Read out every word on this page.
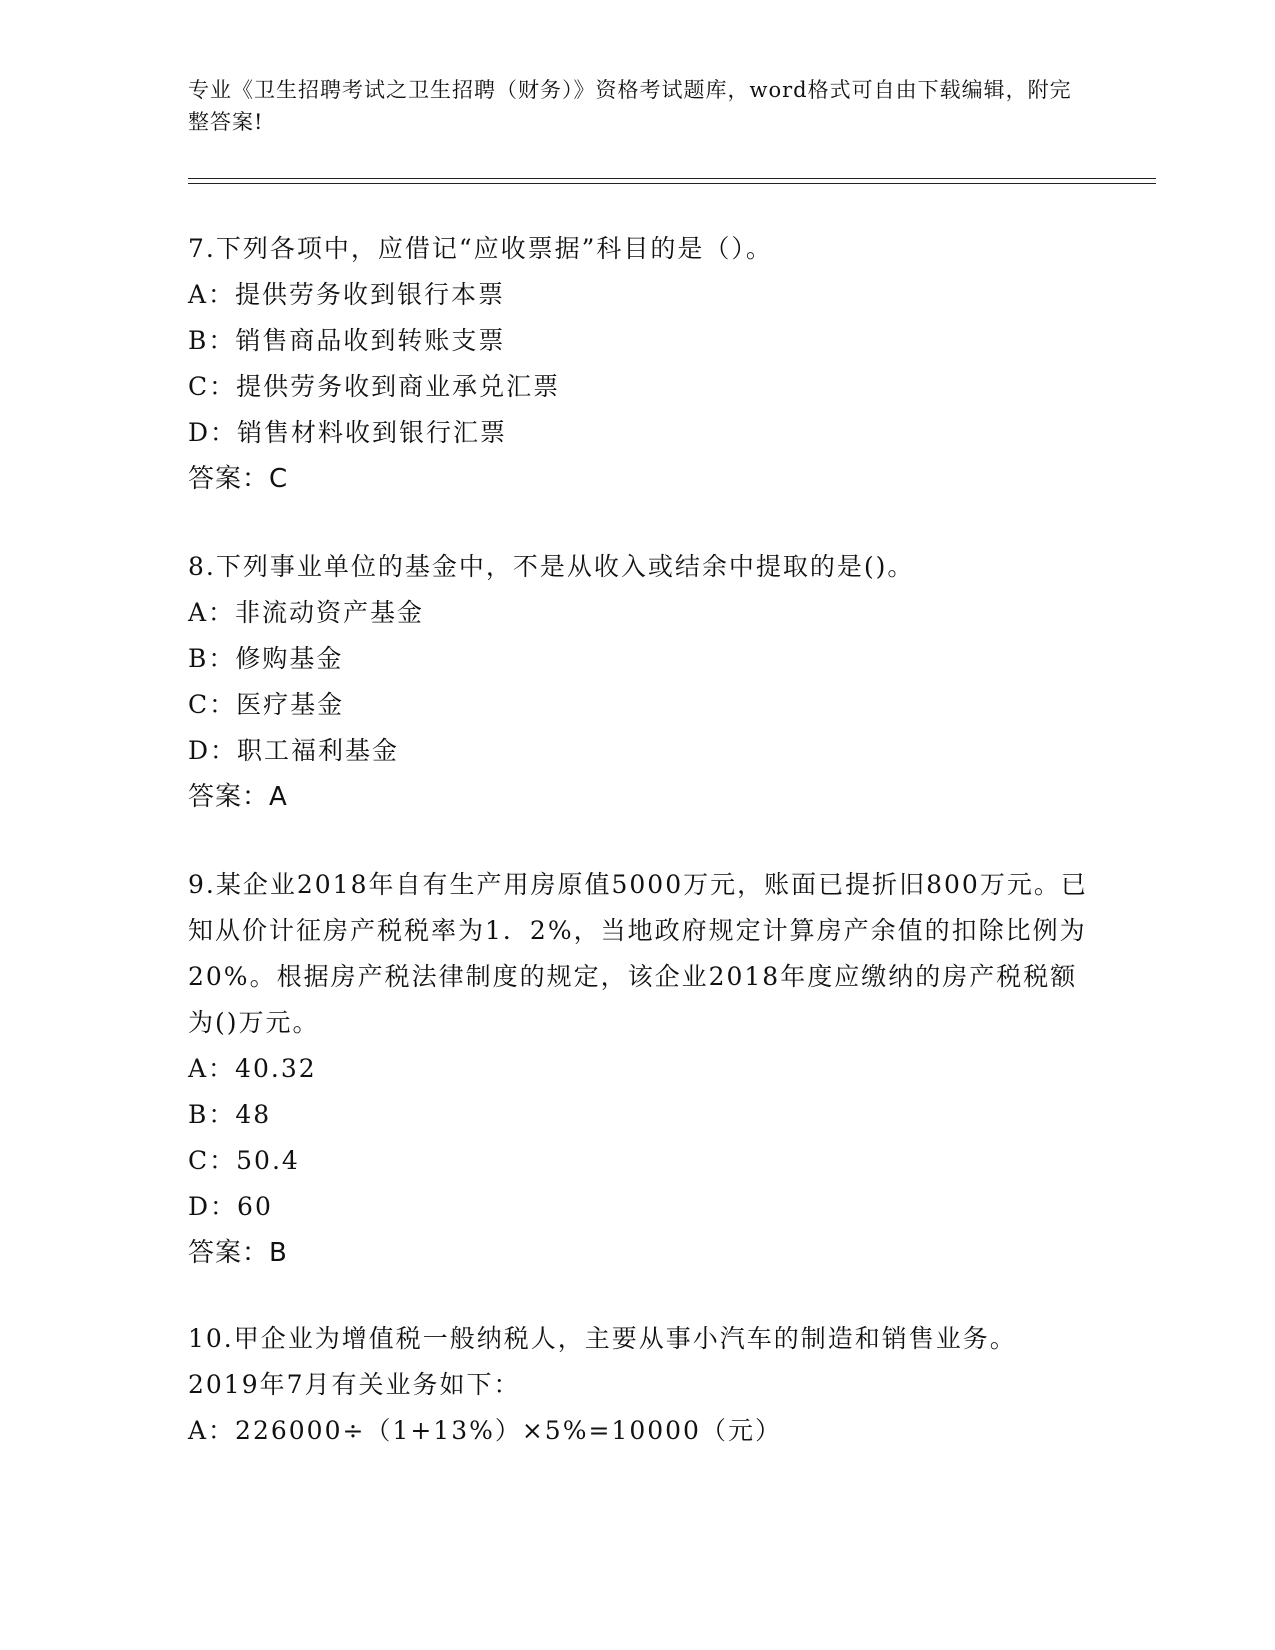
专业《卫生招聘考试之卫生招聘（财务）》资格考试题库，word格式可自由下载编辑，附完整答案!
7.下列各项中，应借记“应收票据”科目的是（）。
A：提供劳务收到银行本票
B：销售商品收到转账支票
C：提供劳务收到商业承兑汇票
D：销售材料收到银行汇票
答案：C
8.下列事业单位的基金中，不是从收入或结余中提取的是()。
A：非流动资产基金
B：修购基金
C：医疗基金
D：职工福利基金
答案：A
9.某企业2018年自有生产用房原值5000万元，账面已提折旧800万元。已知从价计征房产税税率为1．2%，当地政府规定计算房产余值的扣除比例为20%。根据房产税法律制度的规定，该企业2018年度应缴纳的房产税税额为()万元。
A：40.32
B：48
C：50.4
D：60
答案：B
10.甲企业为增值税一般纳税人，主要从事小汽车的制造和销售业务。2019年7月有关业务如下：
A：226000÷（1+13%）×5%=10000（元）
